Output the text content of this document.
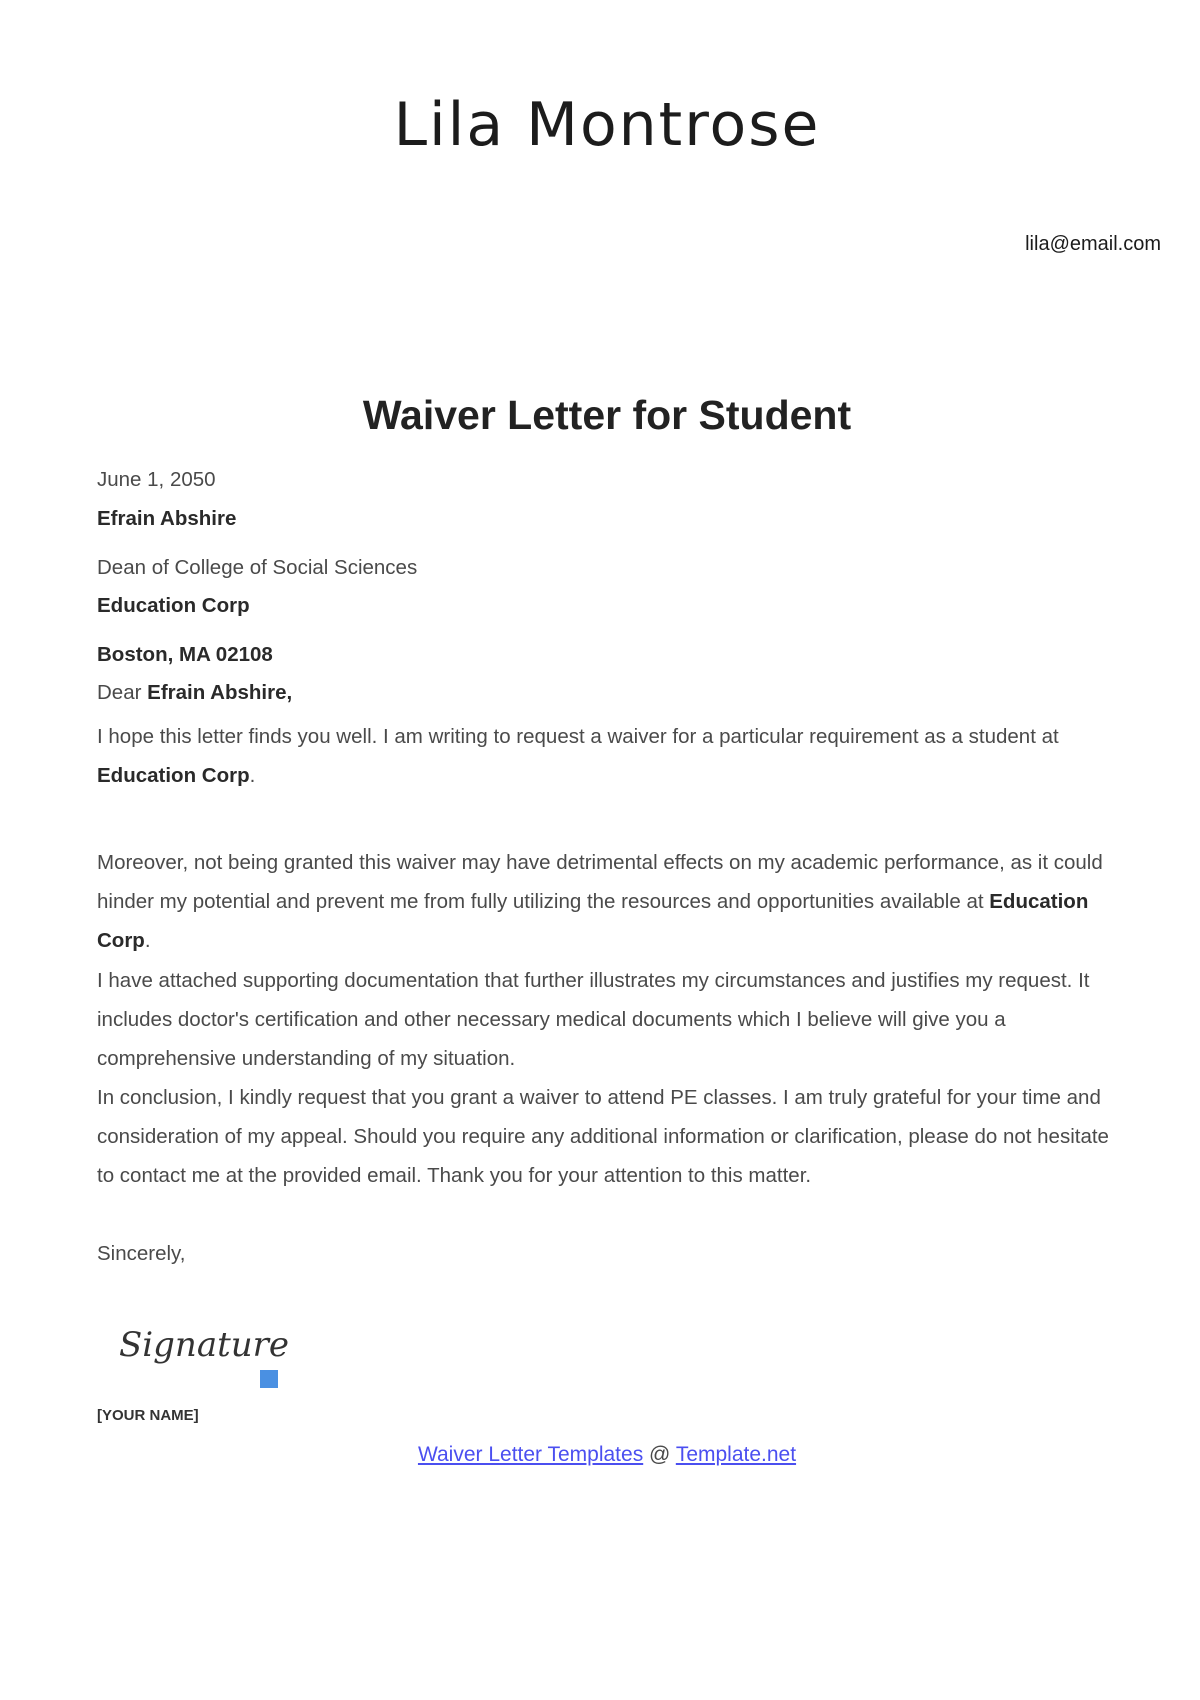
Lila Montrose

lila@email.com

Waiver Letter for Student

June 1, 2050

Efrain Abshire

Dean of College of Social Sciences

Education Corp

Boston, MA 02108

Dear Efrain Abshire,

I hope this letter finds you well. I am writing to request a waiver for a particular requirement as a student at Education Corp.

Moreover, not being granted this waiver may have detrimental effects on my academic performance, as it could hinder my potential and prevent me from fully utilizing the resources and opportunities available at Education Corp.

I have attached supporting documentation that further illustrates my circumstances and justifies my request. It includes doctor's certification and other necessary medical documents which I believe will give you a comprehensive understanding of my situation.

In conclusion, I kindly request that you grant a waiver to attend PE classes. I am truly grateful for your time and consideration of my appeal. Should you require any additional information or clarification, please do not hesitate to contact me at the provided email. Thank you for your attention to this matter.

Sincerely,

Signature

[YOUR NAME]

Waiver Letter Templates @ Template.net
